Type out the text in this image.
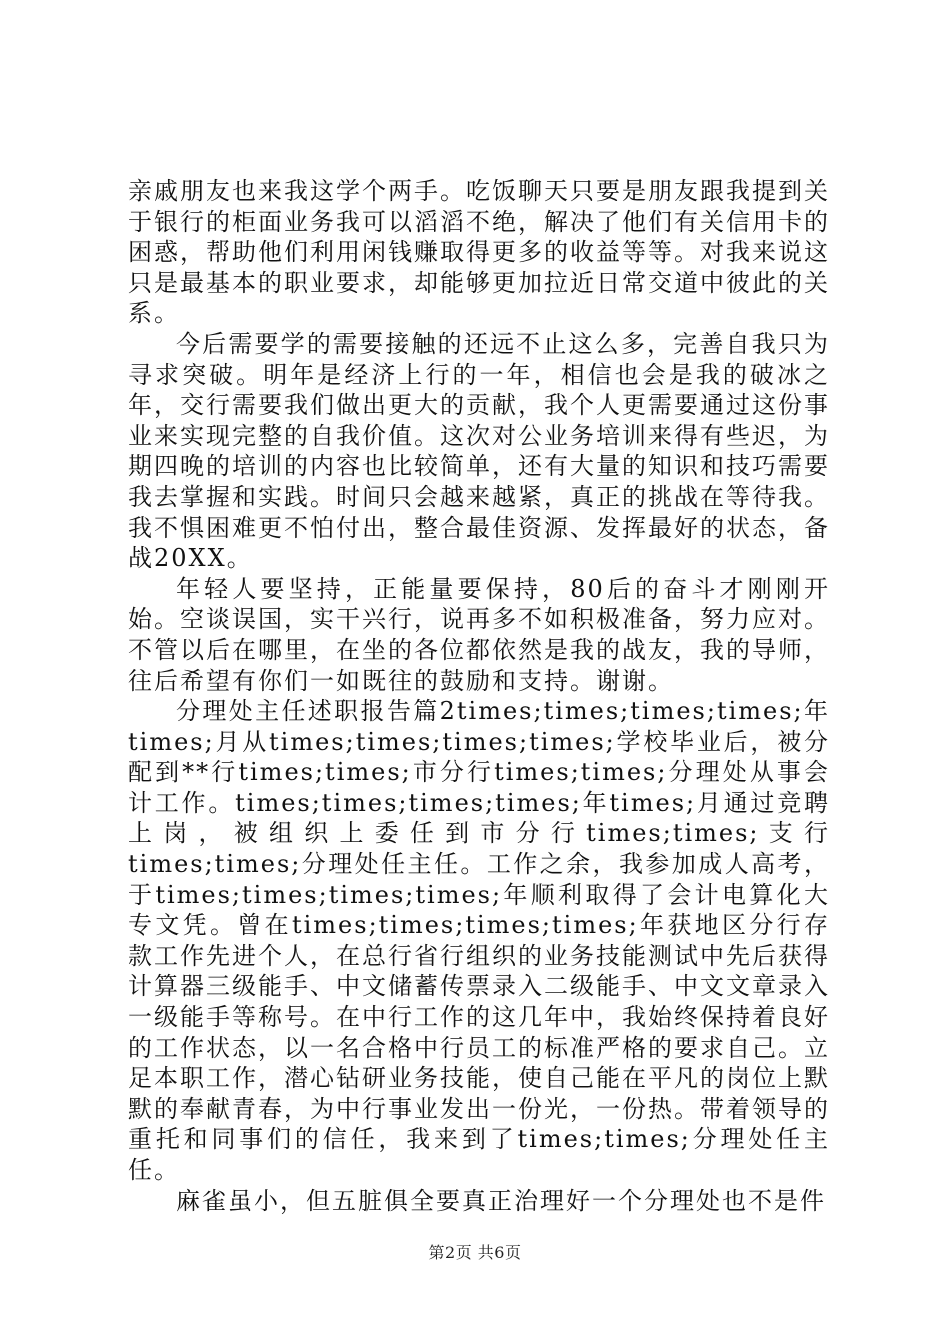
亲戚朋友也来我这学个两手。吃饭聊天只要是朋友跟我提到关于银行的柜面业务我可以滔滔不绝，解决了他们有关信用卡的困惑，帮助他们利用闲钱赚取得更多的收益等等。对我来说这只是最基本的职业要求，却能够更加拉近日常交道中彼此的关系。

今后需要学的需要接触的还远不止这么多，完善自我只为寻求突破。明年是经济上行的一年，相信也会是我的破冰之年，交行需要我们做出更大的贡献，我个人更需要通过这份事业来实现完整的自我价值。这次对公业务培训来得有些迟，为期四晚的培训的内容也比较简单，还有大量的知识和技巧需要我去掌握和实践。时间只会越来越紧，真正的挑战在等待我。我不惧困难更不怕付出，整合最佳资源、发挥最好的状态，备战20XX。

年轻人要坚持，正能量要保持，80后的奋斗才刚刚开始。空谈误国，实干兴行，说再多不如积极准备，努力应对。不管以后在哪里，在坐的各位都依然是我的战友，我的导师，往后希望有你们一如既往的鼓励和支持。谢谢。

分理处主任述职报告篇2times;times;times;times;年times;月从times;times;times;times;学校毕业后，被分配到**行times;times;市分行times;times;分理处从事会计工作。times;times;times;times;年times;月通过竞聘上岗，被组织上委任到市分行times;times;支行times;times;分理处任主任。工作之余，我参加成人高考，于times;times;times;times;年顺利取得了会计电算化大专文凭。曾在times;times;times;times;年获地区分行存款工作先进个人，在总行省行组织的业务技能测试中先后获得计算器三级能手、中文储蓄传票录入二级能手、中文文章录入一级能手等称号。在中行工作的这几年中，我始终保持着良好的工作状态，以一名合格中行员工的标准严格的要求自己。立足本职工作，潜心钻研业务技能，使自己能在平凡的岗位上默默的奉献青春，为中行事业发出一份光，一份热。带着领导的重托和同事们的信任，我来到了times;times;分理处任主任。

麻雀虽小，但五脏俱全要真正治理好一个分理处也不是件

第2页 共6页
